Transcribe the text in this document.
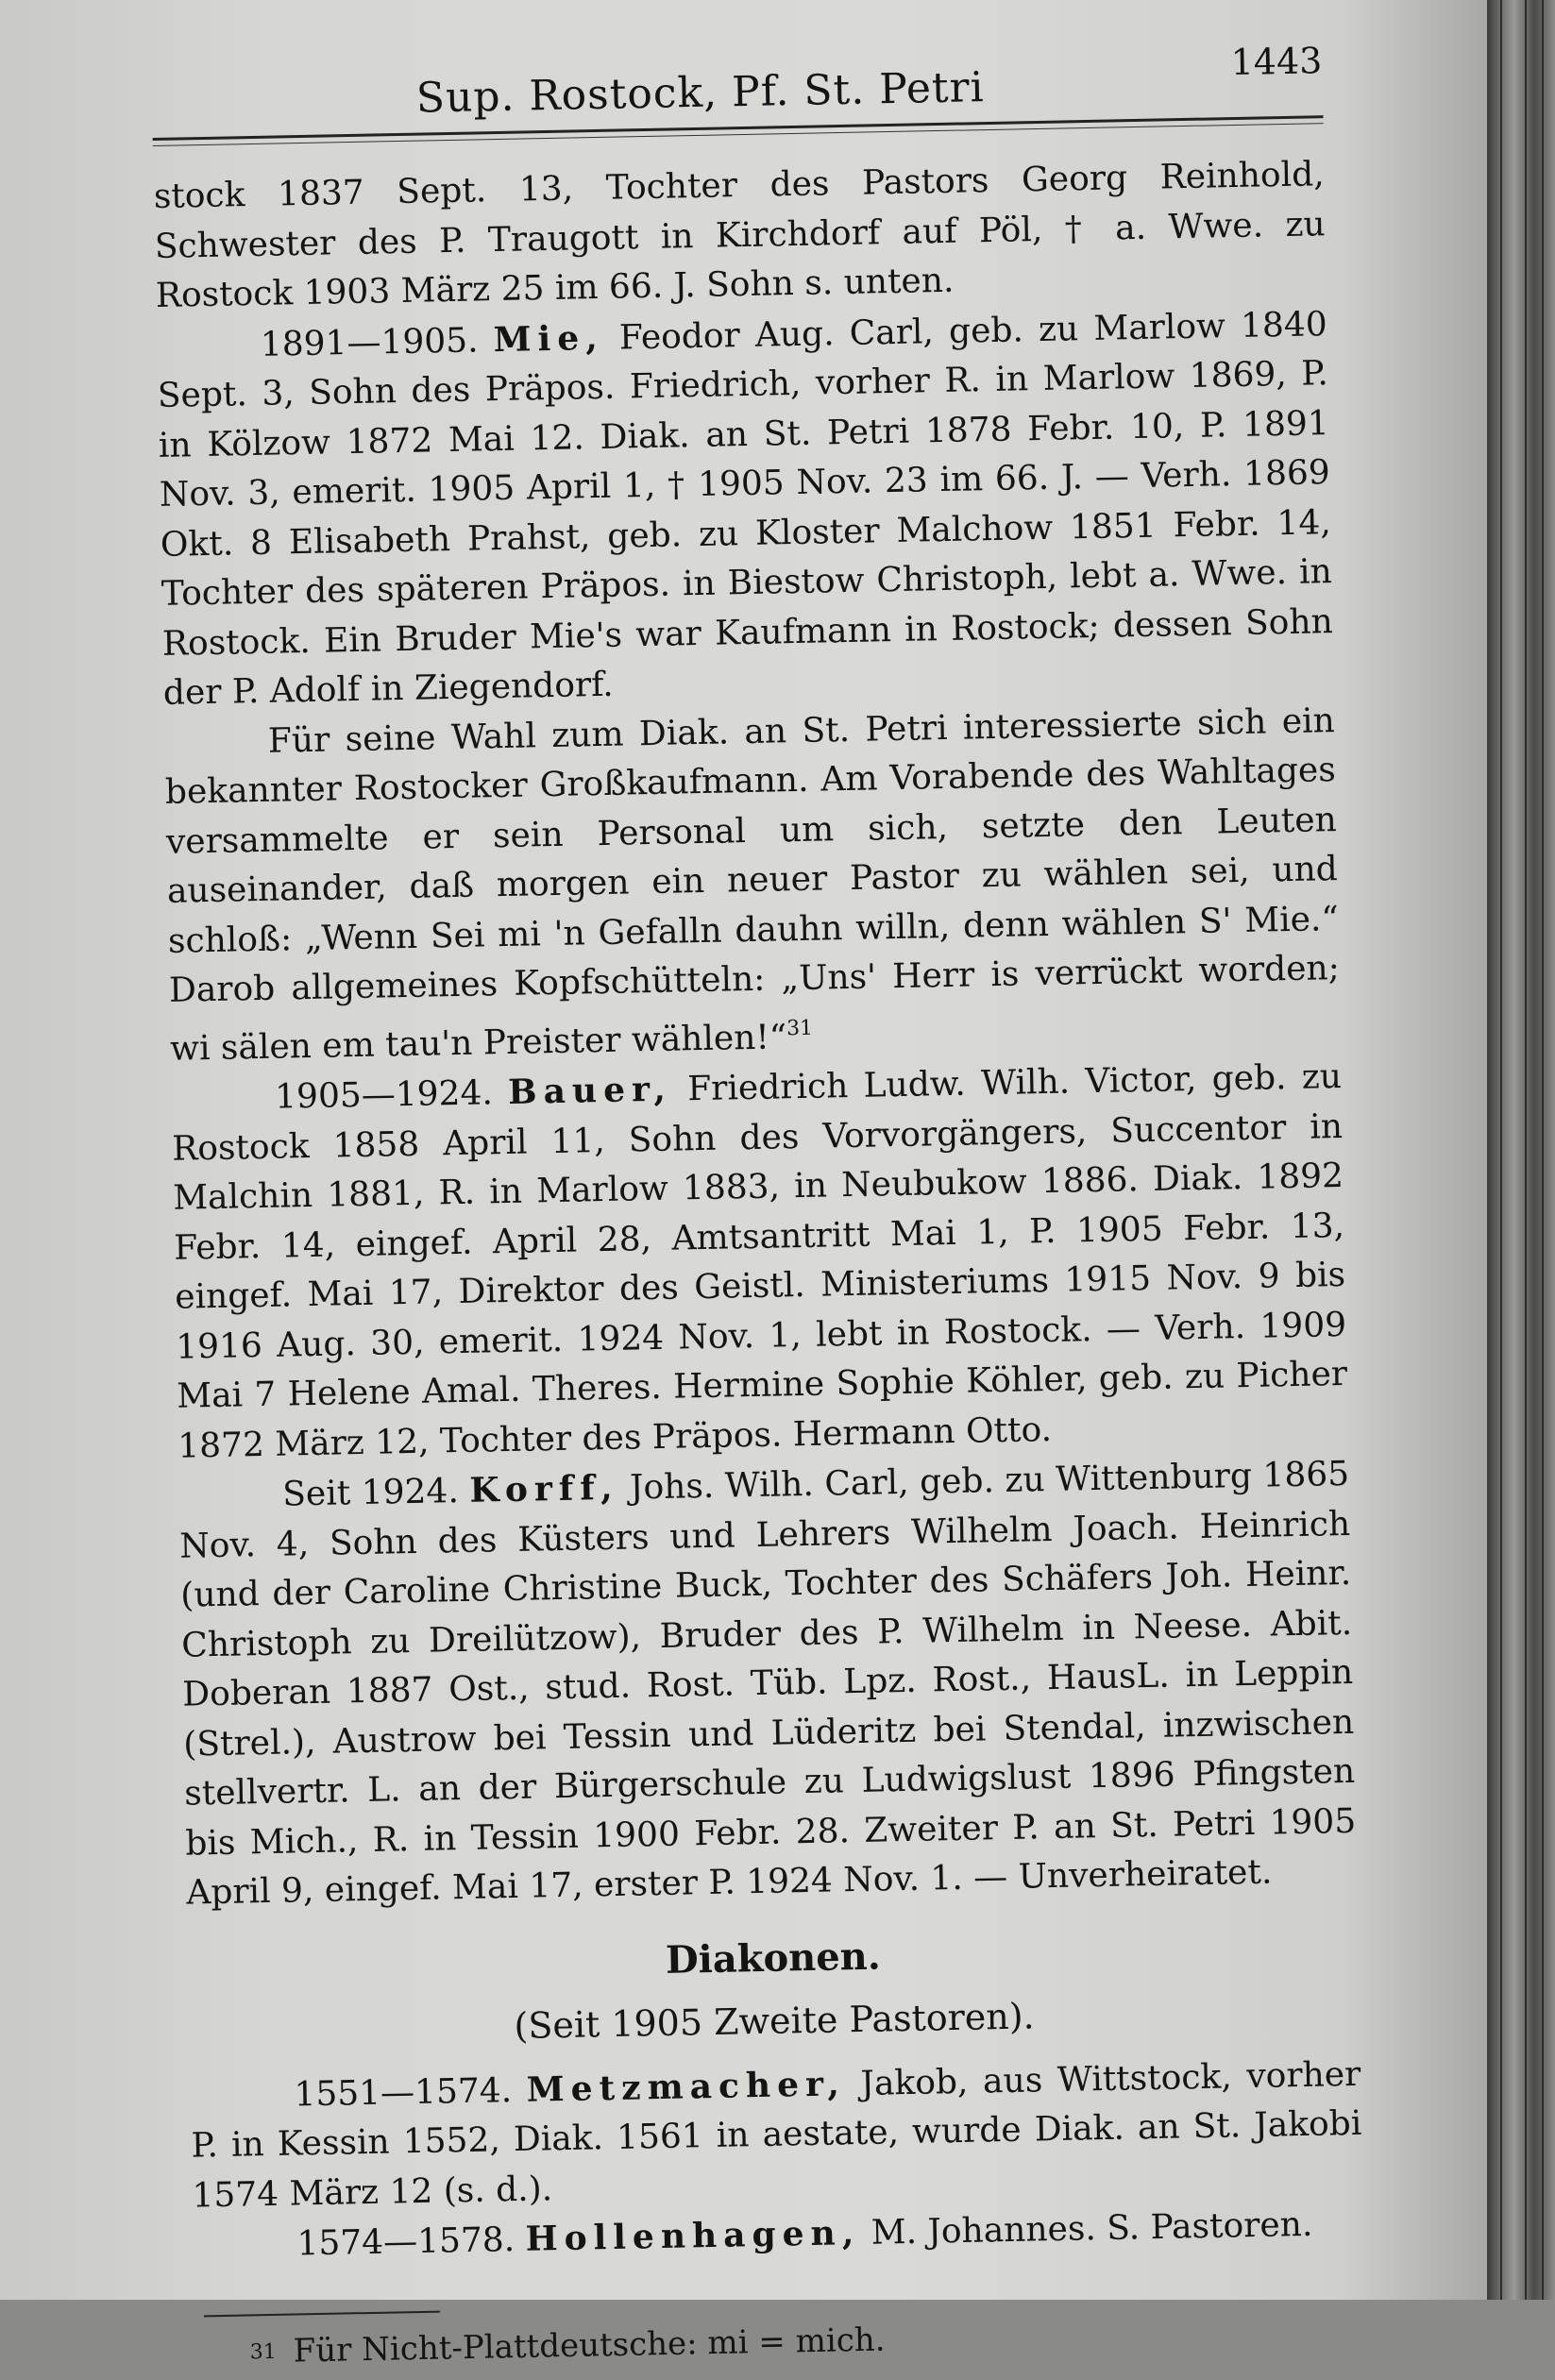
Sup. Rostock, Pf. St. Petri
1443

stock 1837 Sept. 13, Tochter des Pastors Georg Reinhold, Schwester des P. Traugott in Kirchdorf auf Pöl, † a. Wwe. zu Rostock 1903 März 25 im 66. J. Sohn s. unten.

1891—1905. Mie, Feodor Aug. Carl, geb. zu Marlow 1840 Sept. 3, Sohn des Präpos. Friedrich, vorher R. in Marlow 1869, P. in Kölzow 1872 Mai 12. Diak. an St. Petri 1878 Febr. 10, P. 1891 Nov. 3, emerit. 1905 April 1, † 1905 Nov. 23 im 66. J. — Verh. 1869 Okt. 8 Elisabeth Prahst, geb. zu Kloster Malchow 1851 Febr. 14, Tochter des späteren Präpos. in Biestow Christoph, lebt a. Wwe. in Rostock. Ein Bruder Mie's war Kaufmann in Rostock; dessen Sohn der P. Adolf in Ziegendorf.

Für seine Wahl zum Diak. an St. Petri interessierte sich ein bekannter Rostocker Großkaufmann. Am Vorabende des Wahltages versammelte er sein Personal um sich, setzte den Leuten auseinander, daß morgen ein neuer Pastor zu wählen sei, und schloß: „Wenn Sei mi 'n Gefalln dauhn willn, denn wählen S' Mie.“ Darob allgemeines Kopfschütteln: „Uns' Herr is verrückt worden; wi sälen em tau'n Preister wählen!“$^{31}$

1905—1924. Bauer, Friedrich Ludw. Wilh. Victor, geb. zu Rostock 1858 April 11, Sohn des Vorvorgängers, Succentor in Malchin 1881, R. in Marlow 1883, in Neubukow 1886. Diak. 1892 Febr. 14, eingef. April 28, Amtsantritt Mai 1, P. 1905 Febr. 13, eingef. Mai 17, Direktor des Geistl. Ministeriums 1915 Nov. 9 bis 1916 Aug. 30, emerit. 1924 Nov. 1, lebt in Rostock. — Verh. 1909 Mai 7 Helene Amal. Theres. Hermine Sophie Köhler, geb. zu Picher 1872 März 12, Tochter des Präpos. Hermann Otto.

Seit 1924. Korff, Johs. Wilh. Carl, geb. zu Wittenburg 1865 Nov. 4, Sohn des Küsters und Lehrers Wilhelm Joach. Heinrich (und der Caroline Christine Buck, Tochter des Schäfers Joh. Heinr. Christoph zu Dreilützow), Bruder des P. Wilhelm in Neese. Abit. Doberan 1887 Ost., stud. Rost. Tüb. Lpz. Rost., HausL. in Leppin (Strel.), Austrow bei Tessin und Lüderitz bei Stendal, inzwischen stellvertr. L. an der Bürgerschule zu Ludwigslust 1896 Pfingsten bis Mich., R. in Tessin 1900 Febr. 28. Zweiter P. an St. Petri 1905 April 9, eingef. Mai 17, erster P. 1924 Nov. 1. — Unverheiratet.

Diakonen.
(Seit 1905 Zweite Pastoren).

1551—1574. Metzmacher, Jakob, aus Wittstock, vorher P. in Kessin 1552, Diak. 1561 in aestate, wurde Diak. an St. Jakobi 1574 März 12 (s. d.).

1574—1578. Hollenhagen, M. Johannes. S. Pastoren.

$^{31}$ Für Nicht-Plattdeutsche: mi = mich.
